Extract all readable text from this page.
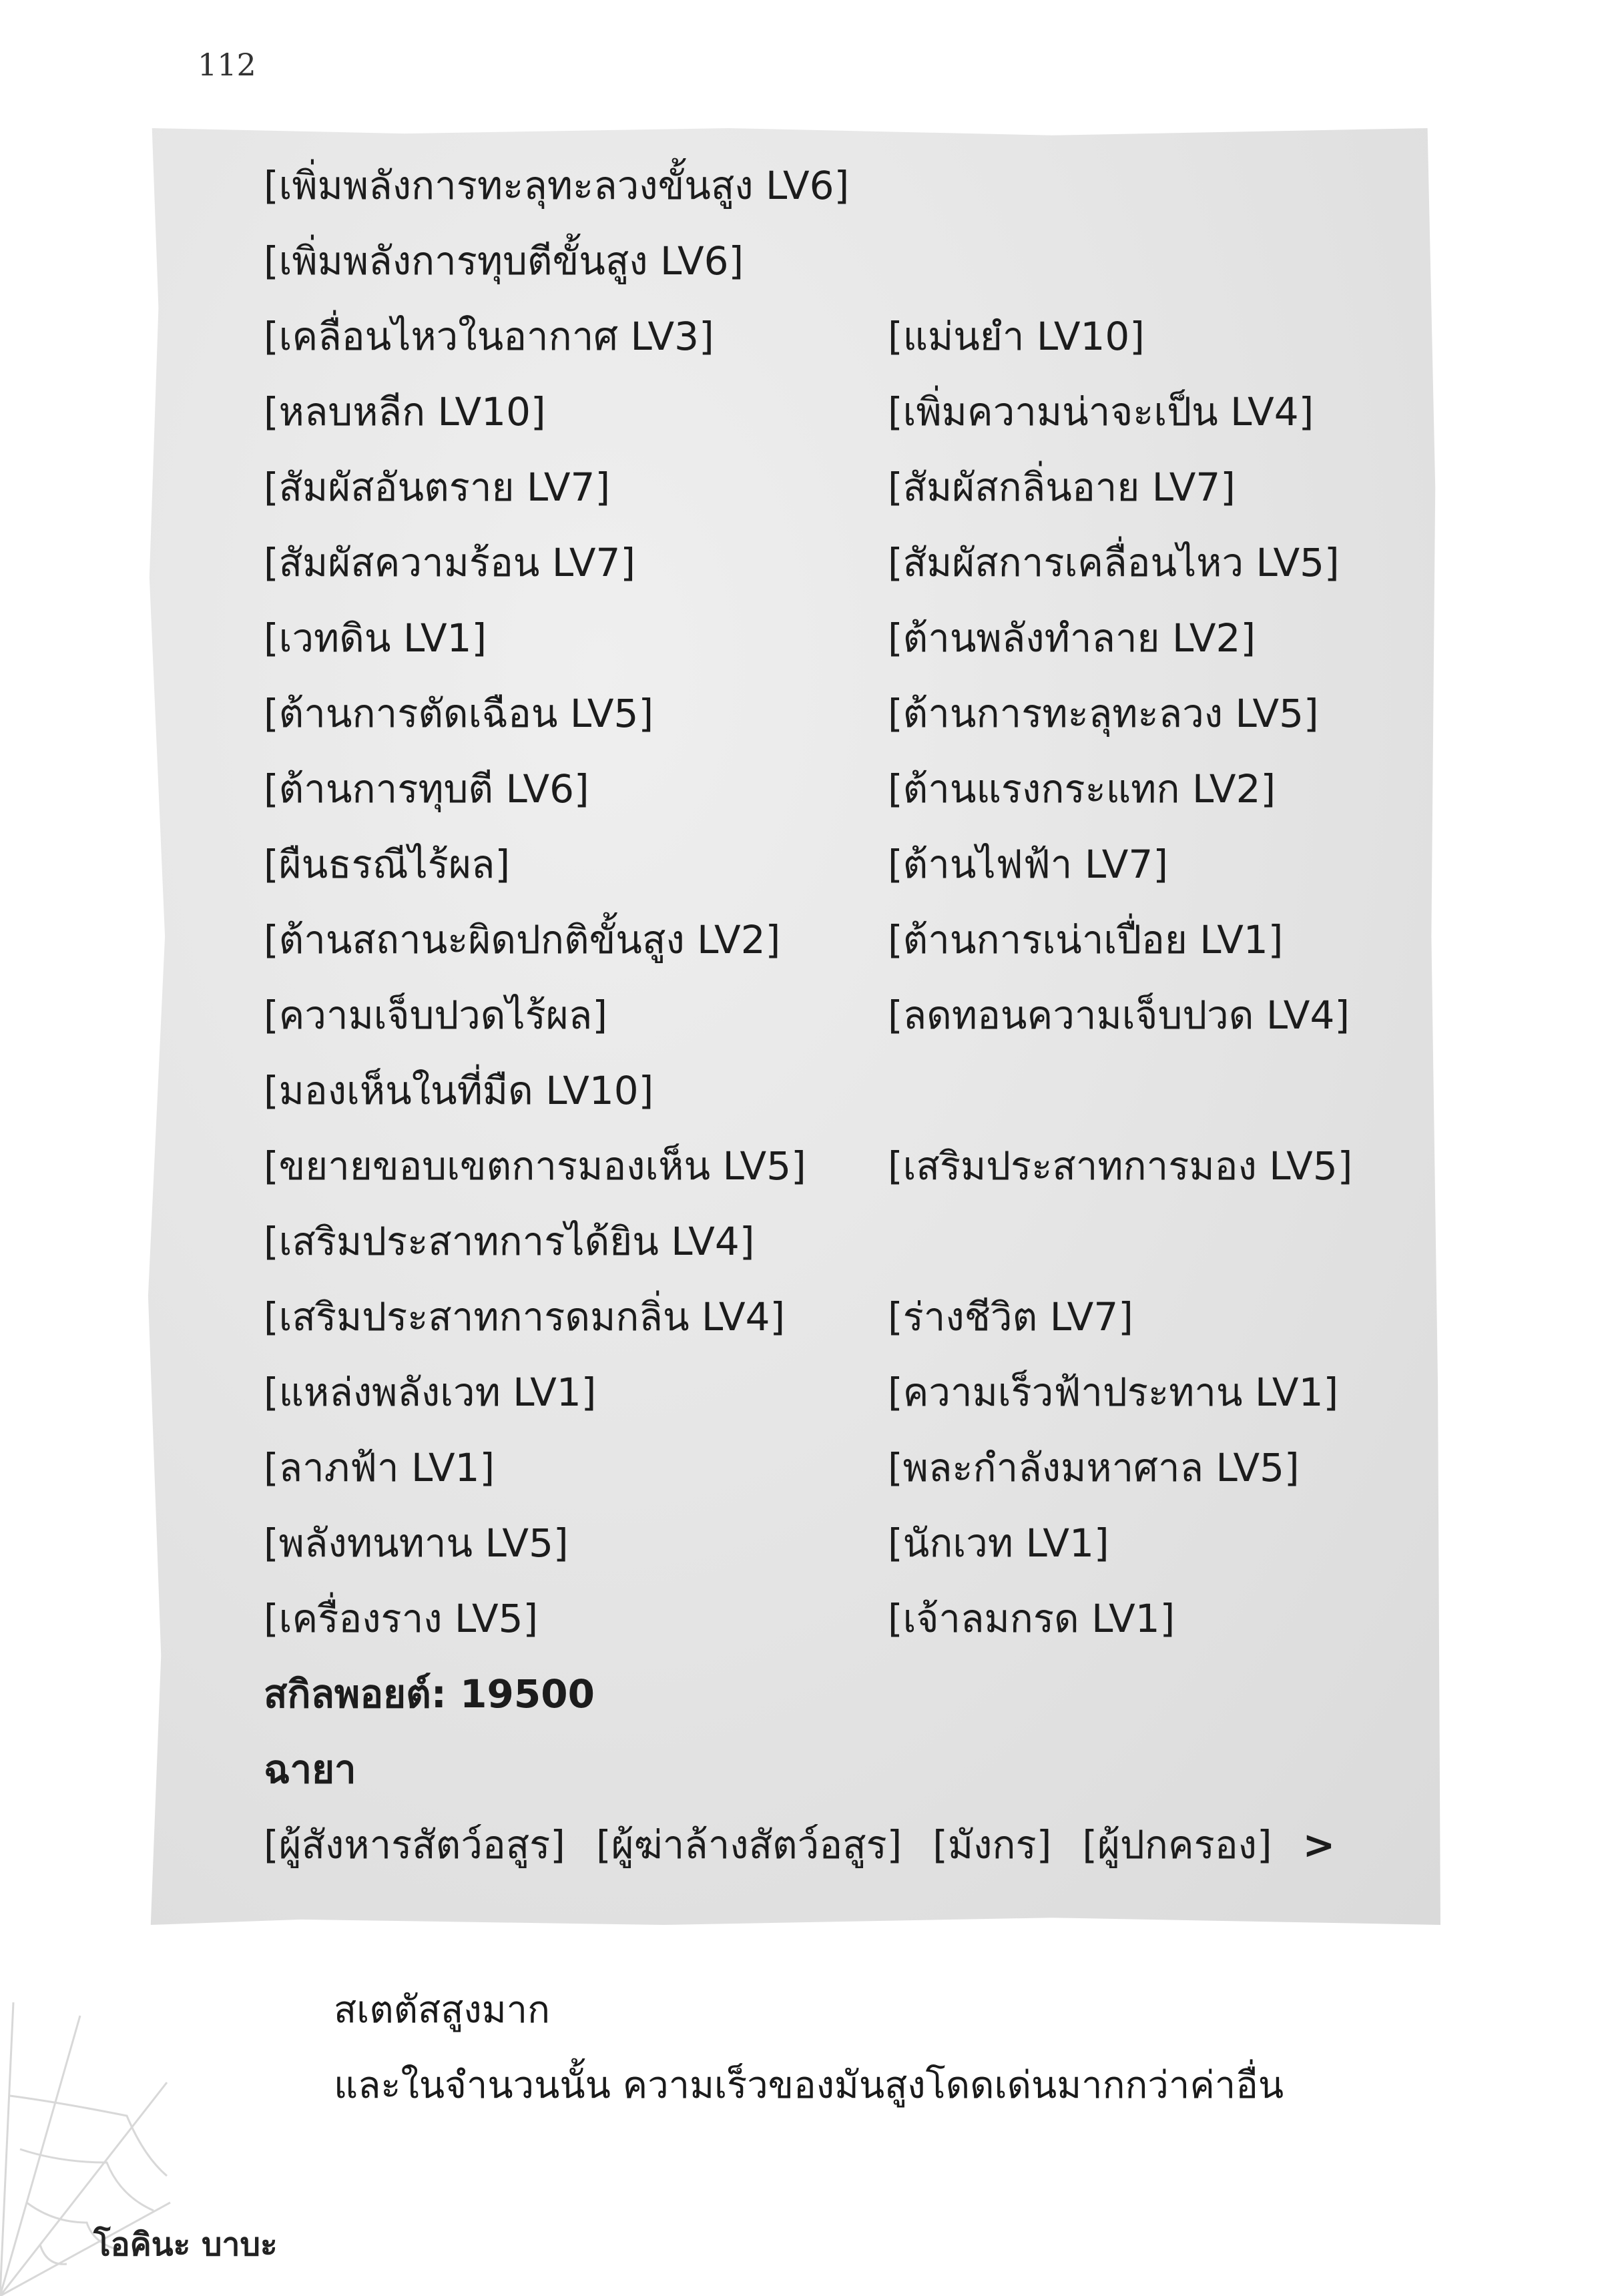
112
[เพิ่มพลังการทะลุทะลวงขั้นสูง LV6]
[เพิ่มพลังการทุบตีขั้นสูง LV6]
[เคลื่อนไหวในอากาศ LV3]	[แม่นยำ LV10]
[หลบหลีก LV10]	[เพิ่มความน่าจะเป็น LV4]
[สัมผัสอันตราย LV7]	[สัมผัสกลิ่นอาย LV7]
[สัมผัสความร้อน LV7]	[สัมผัสการเคลื่อนไหว LV5]
[เวทดิน LV1]	[ต้านพลังทำลาย LV2]
[ต้านการตัดเฉือน LV5]	[ต้านการทะลุทะลวง LV5]
[ต้านการทุบตี LV6]	[ต้านแรงกระแทก LV2]
[ผืนธรณีไร้ผล]	[ต้านไฟฟ้า LV7]
[ต้านสถานะผิดปกติขั้นสูง LV2]	[ต้านการเน่าเปื่อย LV1]
[ความเจ็บปวดไร้ผล]	[ลดทอนความเจ็บปวด LV4]
[มองเห็นในที่มืด LV10]
[ขยายขอบเขตการมองเห็น LV5]	[เสริมประสาทการมอง LV5]
[เสริมประสาทการได้ยิน LV4]
[เสริมประสาทการดมกลิ่น LV4]	[ร่างชีวิต LV7]
[แหล่งพลังเวท LV1]	[ความเร็วฟ้าประทาน LV1]
[ลาภฟ้า LV1]	[พละกำลังมหาศาล LV5]
[พลังทนทาน LV5]	[นักเวท LV1]
[เครื่องราง LV5]	[เจ้าลมกรด LV1]
สกิลพอยต์: 19500
ฉายา
[ผู้สังหารสัตว์อสูร] [ผู้ฆ่าล้างสัตว์อสูร] [มังกร] [ผู้ปกครอง] >
สเตตัสสูงมาก
และในจำนวนนั้น ความเร็วของมันสูงโดดเด่นมากกว่าค่าอื่น
โอคินะ บาบะ
